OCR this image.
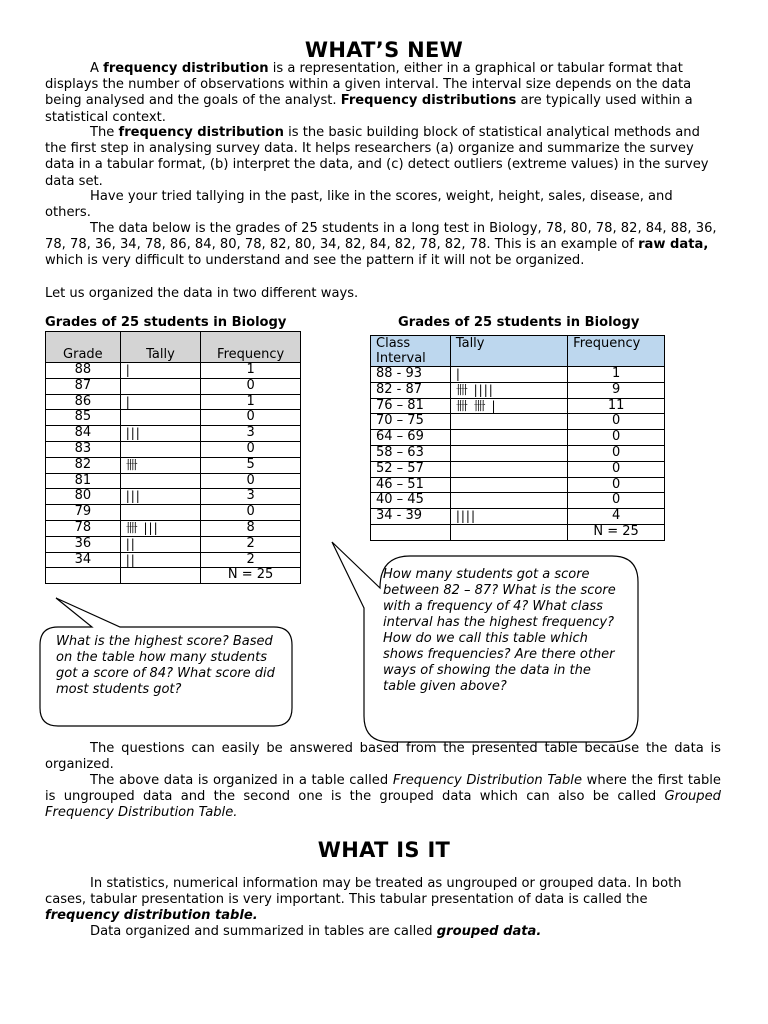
WHAT’S NEW

A frequency distribution is a representation, either in a graphical or tabular format that displays the number of observations within a given interval. The interval size depends on the data being analysed and the goals of the analyst. Frequency distributions are typically used within a statistical context.

The frequency distribution is the basic building block of statistical analytical methods and the first step in analysing survey data. It helps researchers (a) organize and summarize the survey data in a tabular format, (b) interpret the data, and (c) detect outliers (extreme values) in the survey data set.

Have your tried tallying in the past, like in the scores, weight, height, sales, disease, and others.

The data below is the grades of 25 students in a long test in Biology, 78, 80, 78, 82, 84, 88, 36, 78, 78, 36, 34, 78, 86, 84, 80, 78, 82, 80, 34, 82, 84, 82, 78, 82, 78. This is an example of raw data, which is very difficult to understand and see the pattern if it will not be organized.

Let us organized the data in two different ways.

Grades of 25 students in Biology
Grade	Tally	Frequency
88	|	1
87		0
86	|	1
85		0
84	|||	3
83		0
82	卌	5
81		0
80	|||	3
79		0
78	卌 |||	8
36	||	2
34	||	2
		N = 25
Grades of 25 students in Biology
Class Interval	Tally	Frequency
88 - 93	|	1
82 - 87	卌 ||||	9
76 – 81	卌 卌 |	11
70 – 75		0
64 – 69		0
58 – 63		0
52 – 57		0
46 – 51		0
40 – 45		0
34 - 39	||||	4
		N = 25
What is the highest score? Based on the table how many students got a score of 84? What score did most students got?
How many students got a score between 82 – 87? What is the score with a frequency of 4? What class interval has the highest frequency? How do we call this table which shows frequencies? Are there other ways of showing the data in the table given above?

The questions can easily be answered based from the presented table because the data is organized.

The above data is organized in a table called Frequency Distribution Table where the first table is ungrouped data and the second one is the grouped data which can also be called Grouped Frequency Distribution Table.

WHAT IS IT

In statistics, numerical information may be treated as ungrouped or grouped data. In both cases, tabular presentation is very important. This tabular presentation of data is called the frequency distribution table.

Data organized and summarized in tables are called grouped data.
